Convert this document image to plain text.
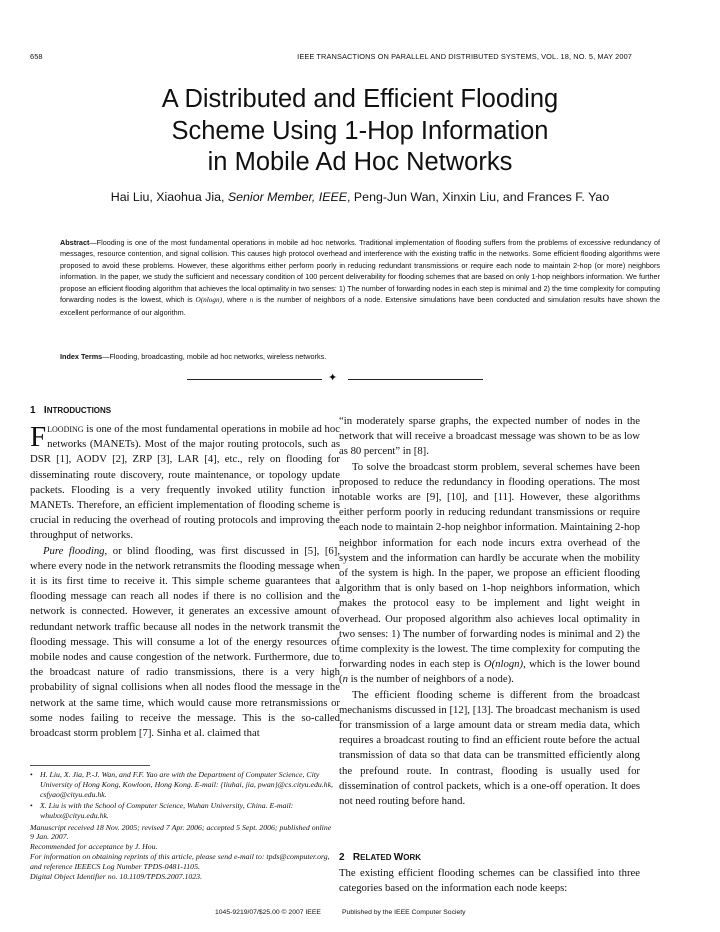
658	IEEE TRANSACTIONS ON PARALLEL AND DISTRIBUTED SYSTEMS, VOL. 18, NO. 5, MAY 2007
A Distributed and Efficient Flooding
Scheme Using 1-Hop Information
in Mobile Ad Hoc Networks
Hai Liu, Xiaohua Jia, Senior Member, IEEE, Peng-Jun Wan, Xinxin Liu, and Frances F. Yao
Abstract—Flooding is one of the most fundamental operations in mobile ad hoc networks. Traditional implementation of flooding suffers from the problems of excessive redundancy of messages, resource contention, and signal collision. This causes high protocol overhead and interference with the existing traffic in the networks. Some efficient flooding algorithms were proposed to avoid these problems. However, these algorithms either perform poorly in reducing redundant transmissions or require each node to maintain 2-hop (or more) neighbors information. In the paper, we study the sufficient and necessary condition of 100 percent deliverability for flooding schemes that are based on only 1-hop neighbors information. We further propose an efficient flooding algorithm that achieves the local optimality in two senses: 1) The number of forwarding nodes in each step is minimal and 2) the time complexity for computing forwarding nodes is the lowest, which is O(nlogn), where n is the number of neighbors of a node. Extensive simulations have been conducted and simulation results have shown the excellent performance of our algorithm.
Index Terms—Flooding, broadcasting, mobile ad hoc networks, wireless networks.
✦
1 INTRODUCTIONS

FLOODING is one of the most fundamental operations in mobile ad hoc networks (MANETs). Most of the major routing protocols, such as DSR [1], AODV [2], ZRP [3], LAR [4], etc., rely on flooding for disseminating route discovery, route maintenance, or topology update packets. Flooding is a very frequently invoked utility function in MANETs. Therefore, an efficient implementation of flooding scheme is crucial in reducing the overhead of routing protocols and improving the throughput of networks.

Pure flooding, or blind flooding, was first discussed in [5], [6], where every node in the network retransmits the flooding message when it is its first time to receive it. This simple scheme guarantees that a flooding message can reach all nodes if there is no collision and the network is connected. However, it generates an excessive amount of redundant network traffic because all nodes in the network transmit the flooding message. This will consume a lot of the energy resources of mobile nodes and cause congestion of the network. Furthermore, due to the broadcast nature of radio transmissions, there is a very high probability of signal collisions when all nodes flood the message in the network at the same time, which would cause more retransmissions or some nodes failing to receive the message. This is the so-called broadcast storm problem [7]. Sinha et al. claimed that

• H. Liu, X. Jia, P.-J. Wan, and F.F. Yao are with the Department of Computer Science, City University of Hong Kong, Kowloon, Hong Kong. E-mail: {liuhai, jia, pwan}@cs.cityu.edu.hk, csfyao@cityu.edu.hk.
• X. Liu is with the School of Computer Science, Wuhan University, China. E-mail: whulxx@cityu.edu.hk.
Manuscript received 18 Nov. 2005; revised 7 Apr. 2006; accepted 5 Sept. 2006; published online 9 Jan. 2007.
Recommended for acceptance by J. Hou.
For information on obtaining reprints of this article, please send e-mail to: tpds@computer.org, and reference IEEECS Log Number TPDS-0481-1105.
Digital Object Identifier no. 10.1109/TPDS.2007.1023.

“in moderately sparse graphs, the expected number of nodes in the network that will receive a broadcast message was shown to be as low as 80 percent” in [8].

To solve the broadcast storm problem, several schemes have been proposed to reduce the redundancy in flooding operations. The most notable works are [9], [10], and [11]. However, these algorithms either perform poorly in reducing redundant transmissions or require each node to maintain 2-hop neighbor information. Maintaining 2-hop neighbor information for each node incurs extra overhead of the system and the information can hardly be accurate when the mobility of the system is high. In the paper, we propose an efficient flooding algorithm that is only based on 1-hop neighbors information, which makes the protocol easy to be implement and light weight in overhead. Our proposed algorithm also achieves local optimality in two senses: 1) The number of forwarding nodes is minimal and 2) the time complexity is the lowest. The time complexity for computing the forwarding nodes in each step is O(nlogn), which is the lower bound (n is the number of neighbors of a node).

The efficient flooding scheme is different from the broadcast mechanisms discussed in [12], [13]. The broadcast mechanism is used for transmission of a large amount data or stream media data, which requires a broadcast routing to find an efficient route before the actual transmission of data so that data can be transmitted efficiently along the prefound route. In contrast, flooding is usually used for dissemination of control packets, which is a one-off operation. It does not need routing before hand.

2 RELATED WORK

The existing efficient flooding schemes can be classified into three categories based on the information each node keeps:

1045-9219/07/$25.00 © 2007 IEEE	Published by the IEEE Computer Society
